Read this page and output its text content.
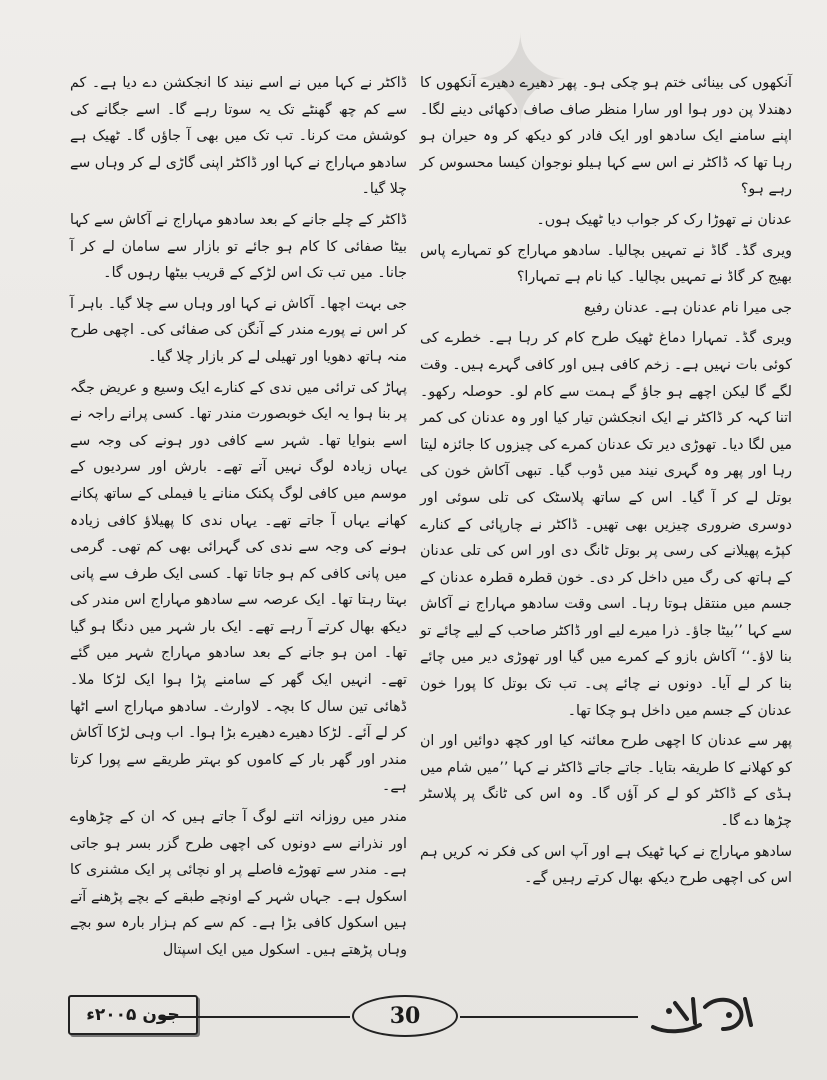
✦

آنکھوں کی بینائی ختم ہو چکی ہو۔ پھر دھیرے دھیرے آنکھوں کا دھندلا پن دور ہوا اور سارا منظر صاف صاف دکھائی دینے لگا۔ اپنے سامنے ایک سادھو اور ایک فادر کو دیکھ کر وہ حیران ہو رہا تھا کہ ڈاکٹر نے اس سے کہا ہیلو نوجوان کیسا محسوس کر رہے ہو؟

عدنان نے تھوڑا رک کر جواب دیا ٹھیک ہوں۔

ویری گڈ۔ گاڈ نے تمہیں بچالیا۔ سادھو مہاراج کو تمہارے پاس بھیج کر گاڈ نے تمہیں بچالیا۔ کیا نام ہے تمہارا؟

جی میرا نام عدنان ہے۔ عدنان رفیع

ویری گڈ۔ تمہارا دماغ ٹھیک طرح کام کر رہا ہے۔ خطرے کی کوئی بات نہیں ہے۔ زخم کافی ہیں اور کافی گہرے ہیں۔ وقت لگے گا لیکن اچھے ہو جاؤ گے ہمت سے کام لو۔ حوصلہ رکھو۔ اتنا کہہ کر ڈاکٹر نے ایک انجکشن تیار کیا اور وہ عدنان کی کمر میں لگا دیا۔ تھوڑی دیر تک عدنان کمرے کی چیزوں کا جائزہ لیتا رہا اور پھر وہ گہری نیند میں ڈوب گیا۔ تبھی آکاش خون کی بوتل لے کر آ گیا۔ اس کے ساتھ پلاسٹک کی تلی سوئی اور دوسری ضروری چیزیں بھی تھیں۔ ڈاکٹر نے چارپائی کے کنارے کپڑے پھیلانے کی رسی پر بوتل ٹانگ دی اور اس کی تلی عدنان کے ہاتھ کی رگ میں داخل کر دی۔ خون قطرہ قطرہ عدنان کے جسم میں منتقل ہوتا رہا۔ اسی وقت سادھو مہاراج نے آکاش سے کہا ’’بیٹا جاؤ۔ ذرا میرے لیے اور ڈاکٹر صاحب کے لیے چائے تو بنا لاؤ۔‘‘ آکاش بازو کے کمرے میں گیا اور تھوڑی دیر میں چائے بنا کر لے آیا۔ دونوں نے چائے پی۔ تب تک بوتل کا پورا خون عدنان کے جسم میں داخل ہو چکا تھا۔

پھر سے عدنان کا اچھی طرح معائنہ کیا اور کچھ دوائیں اور ان کو کھلانے کا طریقہ بتایا۔ جاتے جاتے ڈاکٹر نے کہا ’’میں شام میں ہڈی کے ڈاکٹر کو لے کر آؤں گا۔ وہ اس کی ٹانگ پر پلاسٹر چڑھا دے گا۔

سادھو مہاراج نے کہا ٹھیک ہے اور آپ اس کی فکر نہ کریں ہم اس کی اچھی طرح دیکھ بھال کرتے رہیں گے۔

ڈاکٹر نے کہا میں نے اسے نیند کا انجکشن دے دیا ہے۔ کم سے کم چھ گھنٹے تک یہ سوتا رہے گا۔ اسے جگانے کی کوشش مت کرنا۔ تب تک میں بھی آ جاؤں گا۔ ٹھیک ہے سادھو مہاراج نے کہا اور ڈاکٹر اپنی گاڑی لے کر وہاں سے چلا گیا۔

ڈاکٹر کے چلے جانے کے بعد سادھو مہاراج نے آکاش سے کہا بیٹا صفائی کا کام ہو جائے تو بازار سے سامان لے کر آ جانا۔ میں تب تک اس لڑکے کے قریب بیٹھا رہوں گا۔

جی بہت اچھا۔ آکاش نے کہا اور وہاں سے چلا گیا۔ باہر آ کر اس نے پورے مندر کے آنگن کی صفائی کی۔ اچھی طرح منہ ہاتھ دھویا اور تھیلی لے کر بازار چلا گیا۔

پہاڑ کی ترائی میں ندی کے کنارے ایک وسیع و عریض جگہ پر بنا ہوا یہ ایک خوبصورت مندر تھا۔ کسی پرانے راجہ نے اسے بنوایا تھا۔ شہر سے کافی دور ہونے کی وجہ سے یہاں زیادہ لوگ نہیں آتے تھے۔ بارش اور سردیوں کے موسم میں کافی لوگ پکنک منانے یا فیملی کے ساتھ پکانے کھانے یہاں آ جاتے تھے۔ یہاں ندی کا پھیلاؤ کافی زیادہ ہونے کی وجہ سے ندی کی گہرائی بھی کم تھی۔ گرمی میں پانی کافی کم ہو جاتا تھا۔ کسی ایک طرف سے پانی بہتا رہتا تھا۔ ایک عرصہ سے سادھو مہاراج اس مندر کی دیکھ بھال کرتے آ رہے تھے۔ ایک بار شہر میں دنگا ہو گیا تھا۔ امن ہو جانے کے بعد سادھو مہاراج شہر میں گئے تھے۔ انہیں ایک گھر کے سامنے پڑا ہوا ایک لڑکا ملا۔ ڈھائی تین سال کا بچہ۔ لاوارث۔ سادھو مہاراج اسے اٹھا کر لے آئے۔ لڑکا دھیرے دھیرے بڑا ہوا۔ اب وہی لڑکا آکاش مندر اور گھر بار کے کاموں کو بہتر طریقے سے پورا کرتا ہے۔

مندر میں روزانہ اتنے لوگ آ جاتے ہیں کہ ان کے چڑھاوے اور نذرانے سے دونوں کی اچھی طرح گزر بسر ہو جاتی ہے۔ مندر سے تھوڑے فاصلے پر او نچائی پر ایک مشنری کا اسکول ہے۔ جہاں شہر کے اونچے طبقے کے بچے پڑھنے آتے ہیں اسکول کافی بڑا ہے۔ کم سے کم ہزار بارہ سو بچے وہاں پڑھتے ہیں۔ اسکول میں ایک اسپتال

جون ۲۰۰۵ء	30
